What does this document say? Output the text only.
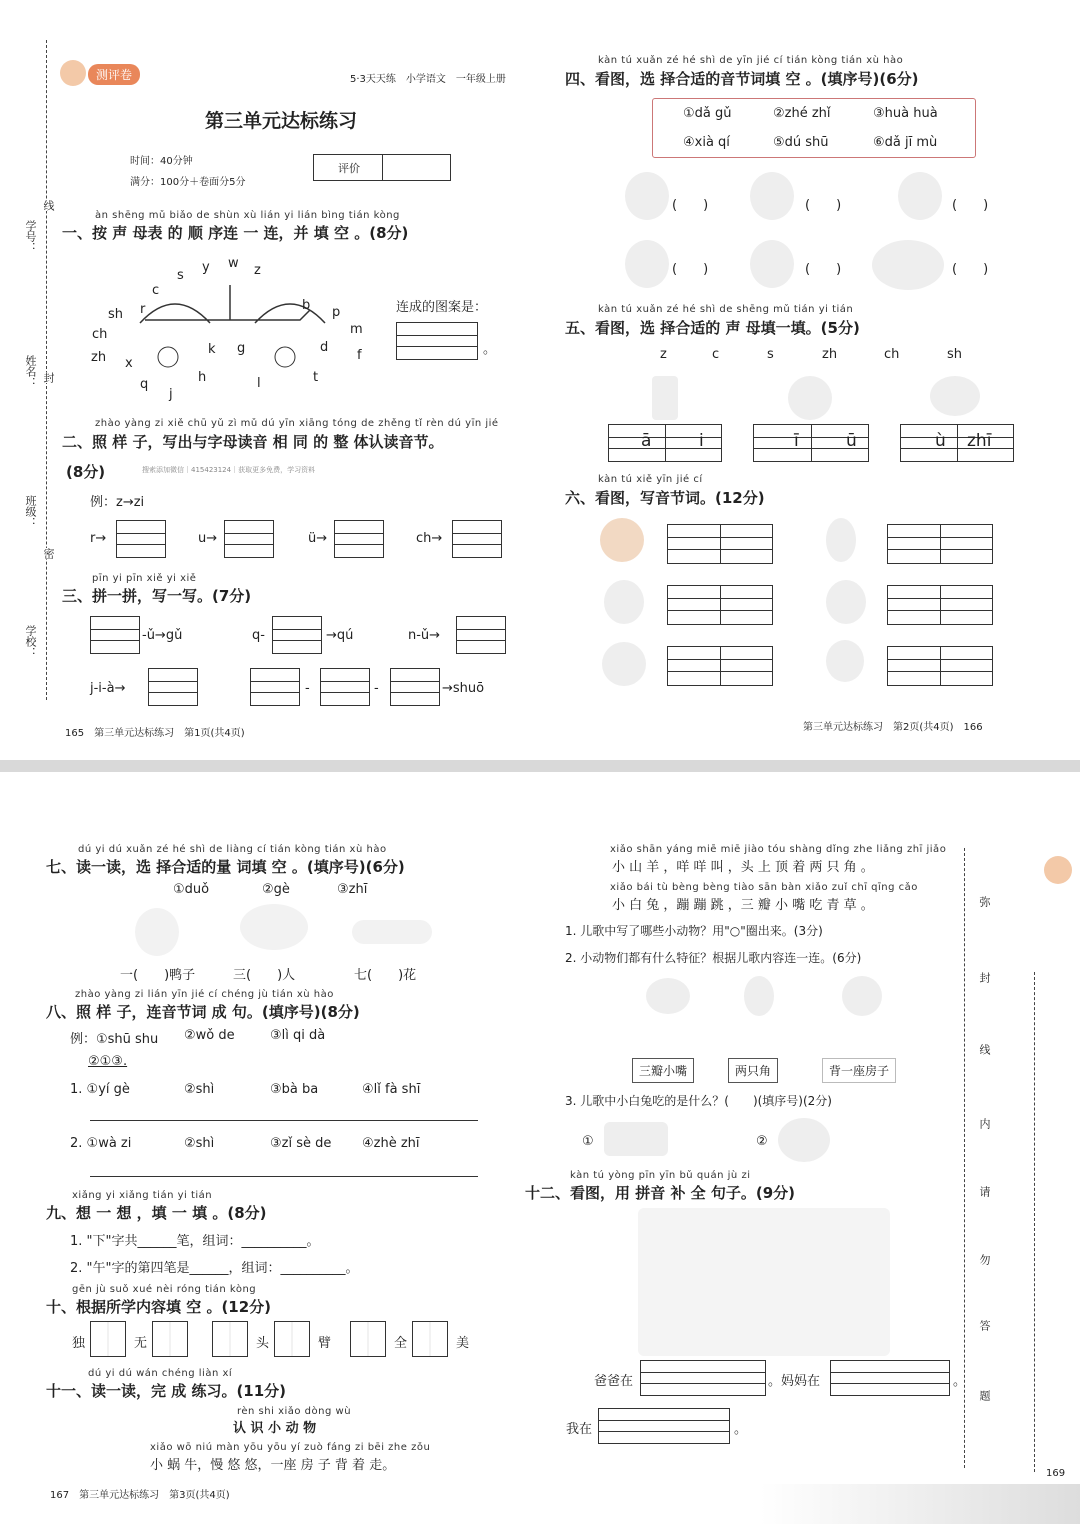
学号：
姓名：
班级：
学校：
线
封
密
测评卷	5·3天天练　小学语文　一年级上册
第三单元达标练习
时间：40分钟
满分：100分＋卷面分5分
评价
àn shēng mǔ biǎo de shùn xù lián yi lián bìng tián kòng
一、按 声 母表 的 顺 序连 一 连，并 填 空 。(8分)
c
s
y w z
r	b p
sh
m
ch
d
zh	f
x
k g
t
q	h	l
j
连成的图案是：
。
zhào yàng zi xiě chū yǔ zì mǔ dú yīn xiāng tóng de zhěng tǐ rèn dú yīn jié
二、照 样 子，写出与字母读音 相 同 的 整 体认读音节。
(8分)	搜索添加微信｜415423124｜获取更多免费，学习资料
例：z→zi
r→	u→	ü→	ch→
pīn yi pīn xiě yi xiě
三、拼一拼，写一写。(7分)
-ǔ→gǔ	q-	→qú	n-ǔ→
j-i-à→	-	-	→shuō
165　第三单元达标练习　第1页(共4页)
kàn tú xuǎn zé hé shì de yīn jié cí tián kòng tián xù hào
四、看图，选 择合适的音节词填 空 。(填序号)(6分)
①dǎ gǔ	②zhé zhǐ	③huà huà
④xià qí	⑤dú shū	⑥dǎ jī mù
(　　)	(　　)	(　　)
(　　)	(　　)	(　　)
kàn tú xuǎn zé hé shì de shēng mǔ tián yi tián
五、看图，选 择合适的 声 母填一填。(5分)
z	c	s	zh	ch	sh
ā	i	ī	ū	ù zhī
kàn tú xiě yīn jié cí
六、看图，写音节词。(12分)
第三单元达标练习　第2页(共4页)　166
dú yi dú xuǎn zé hé shì de liàng cí tián kòng tián xù hào
七、读一读，选 择合适的量 词填 空 。(填序号)(6分)
①duǒ	②gè	③zhī
一(　　)鸭子	三(　　)人	七(　　)花
zhào yàng zi lián yīn jié cí chéng jù tián xù hào
八、照 样 子，连音节词 成 句。(填序号)(8分)
例：①shū shu ②wǒ de	③lì qi dà
②①③.
1. ①yí gè	②shì	③bà ba	④lǐ fà shī
2. ①wà zi	②shì	③zǐ sè de ④zhè zhī
xiǎng yi xiǎng tián yi tián
九、想 一 想 ，填 一 填 。(8分)
1. "下"字共______笔，组词：__________。
2. "午"字的第四笔是______，组词：__________。
gēn jù suǒ xué nèi róng tián kòng
十、根据所学内容填 空 。(12分)
独	无	头	臂	全	美
dú yi dú wán chéng liàn xí
十一、读一读，完 成 练习。(11分)
rèn shi xiǎo dòng wù
认 识 小 动 物
xiǎo wō niú màn yōu yōu yí zuò fáng zi bēi zhe zǒu
小 蜗 牛，慢 悠 悠，一座 房 子 背 着 走。
167　第三单元达标练习　第3页(共4页)
xiǎo shān yáng miē miē jiào tóu shàng dǐng zhe liǎng zhī jiǎo
小 山 羊 ，咩 咩 叫 ，头 上 顶 着 两 只 角 。
xiǎo bái tù bèng bèng tiào sān bàn xiǎo zuǐ chī qīng cǎo
小 白 兔 ，蹦 蹦 跳 ，三 瓣 小 嘴 吃 青 草 。
1. 儿歌中写了哪些小动物？用"○"圈出来。(3分)
2. 小动物们都有什么特征？根据儿歌内容连一连。(6分)
三瓣小嘴	两只角	背一座房子
3. 儿歌中小白兔吃的是什么？(　　)(填序号)(2分)
①	②
kàn tú yòng pīn yīn bǔ quán jù zi
十二、看图，用 拼音 补 全 句子。(9分)
爸爸在	。妈妈在	。
我在	。
弥
封
线
内
请
勿
答
题
169
